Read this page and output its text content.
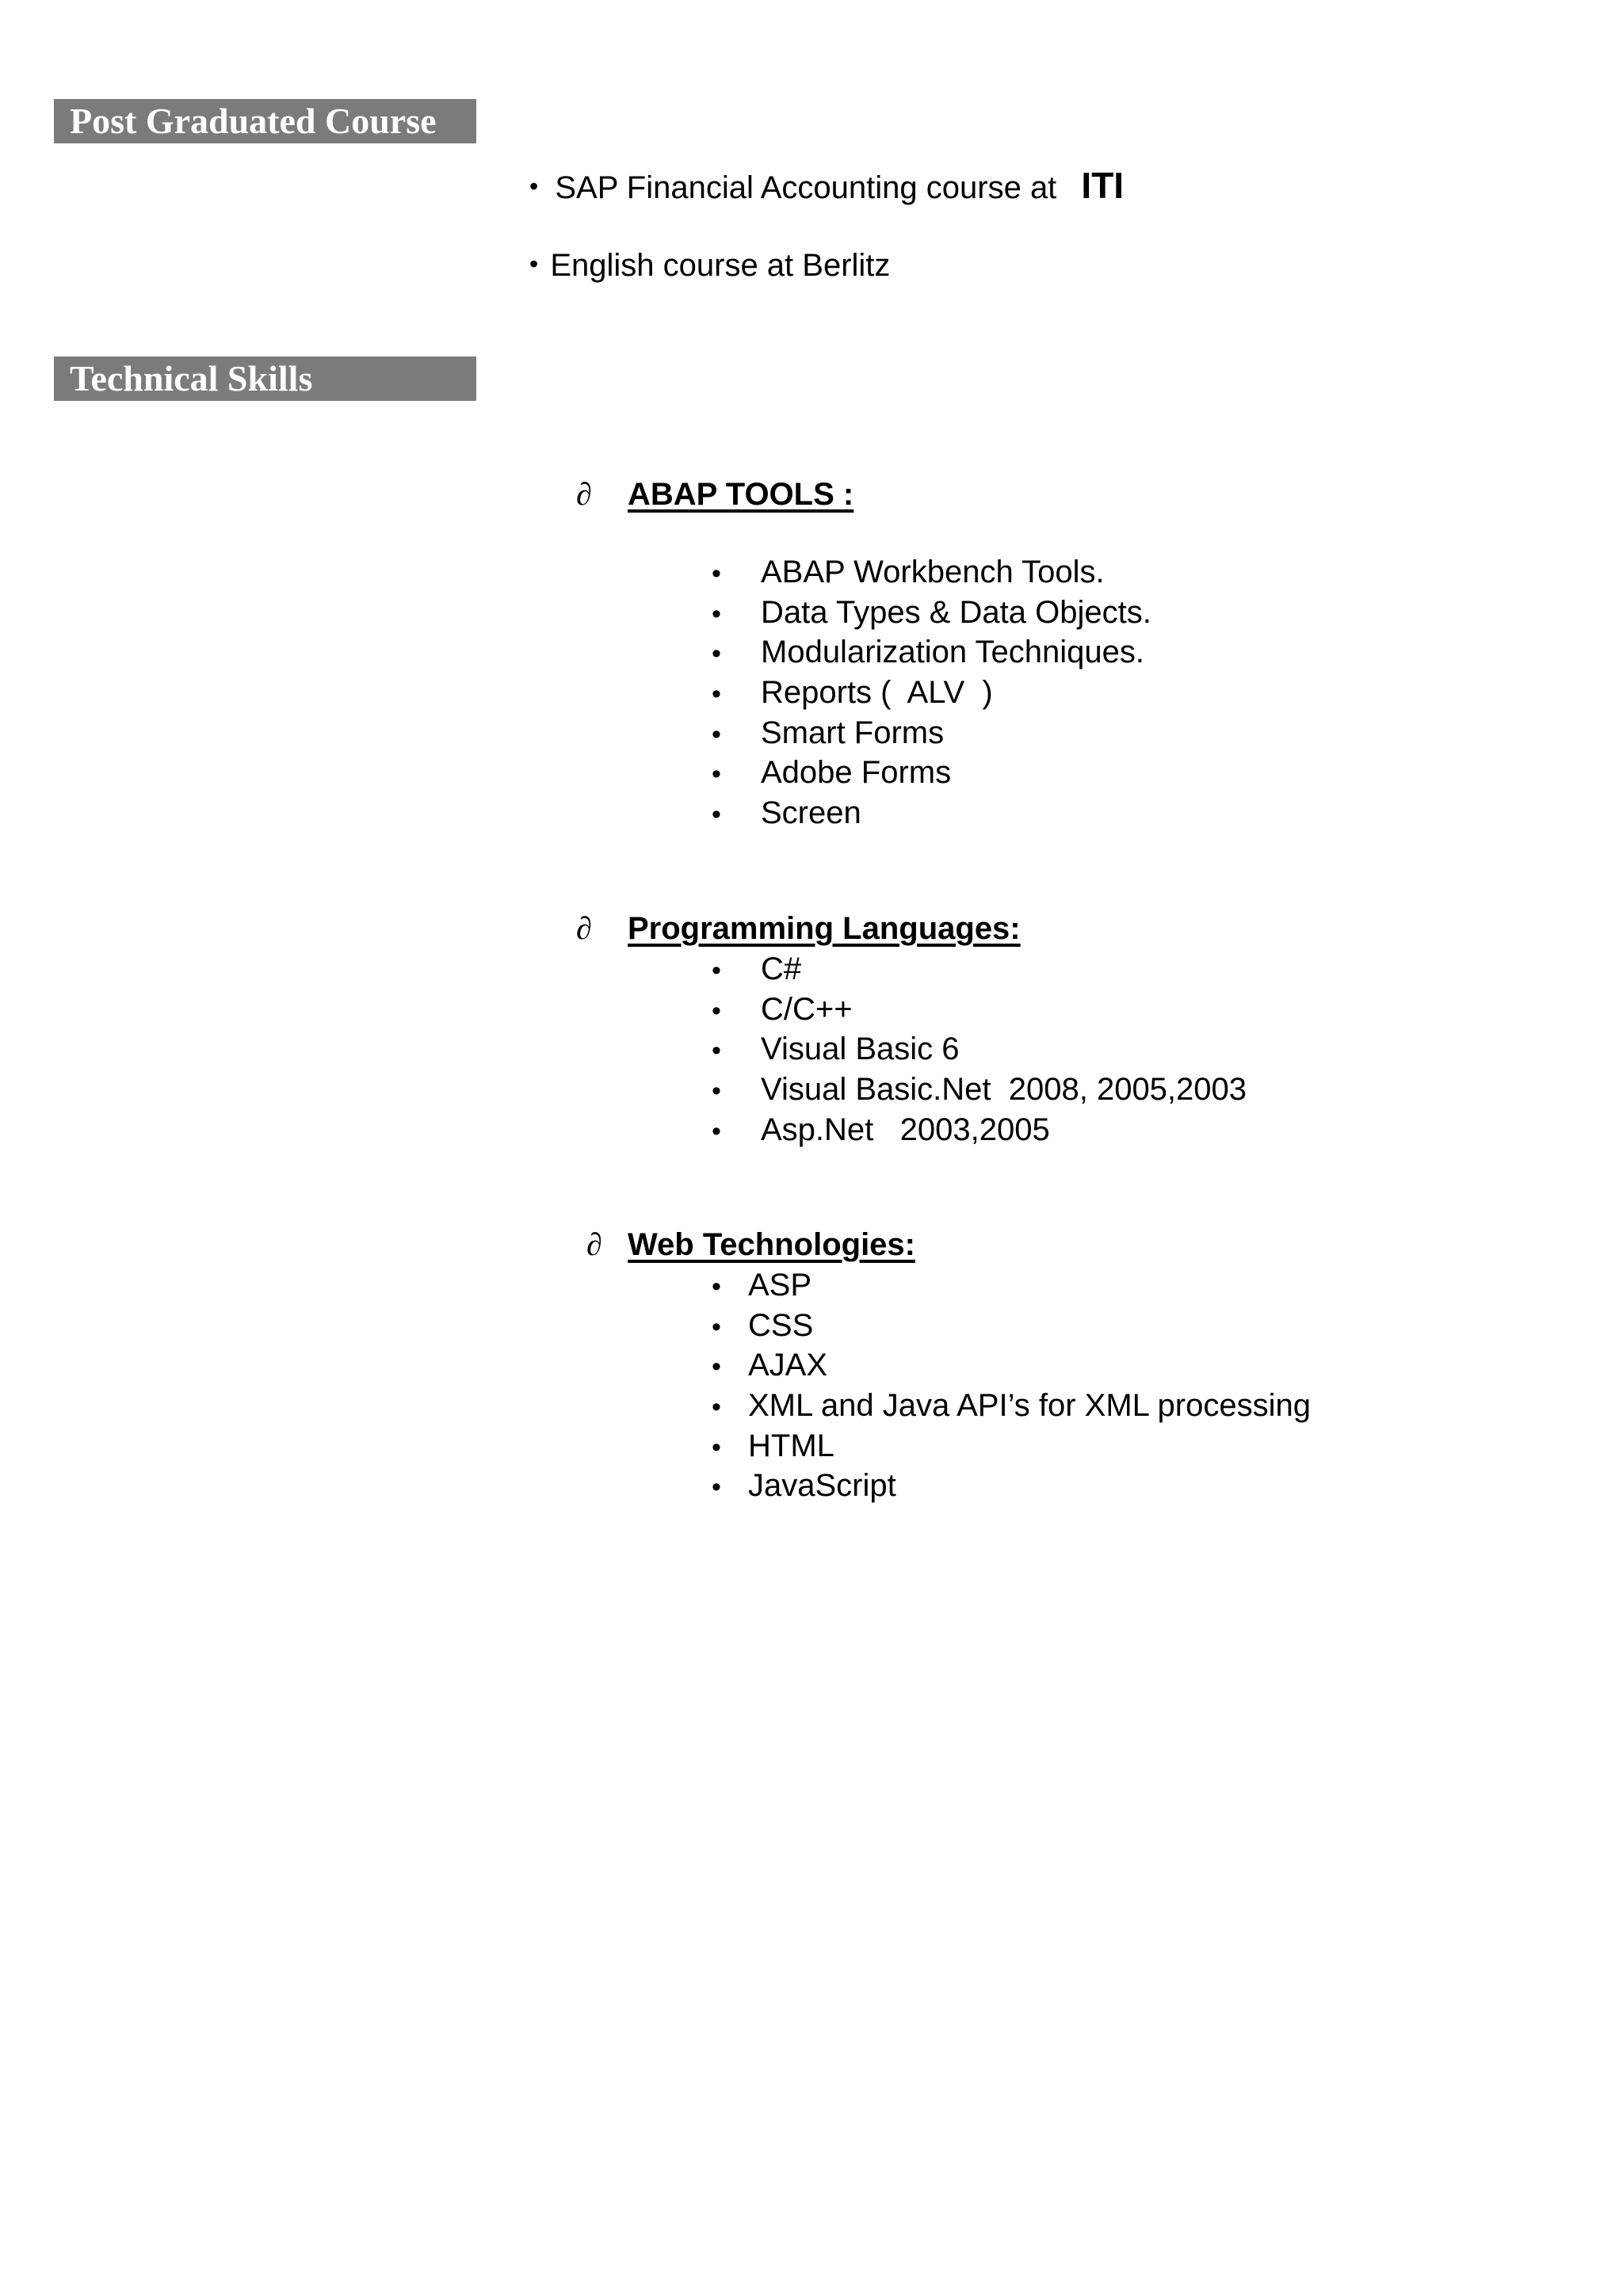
Post Graduated Course
• SAP Financial Accounting course at ITI
• English course at Berlitz
Technical Skills
∂ ABAP TOOLS :
• ABAP Workbench Tools.
• Data Types & Data Objects.
• Modularization Techniques.
• Reports (  ALV  )
• Smart Forms
• Adobe Forms
• Screen
∂ Programming Languages:
• C#
• C/C++
• Visual Basic 6
• Visual Basic.Net  2008, 2005,2003
• Asp.Net   2003,2005
∂ Web Technologies:
• ASP
• CSS
• AJAX
• XML and Java API’s for XML processing
• HTML
• JavaScript
